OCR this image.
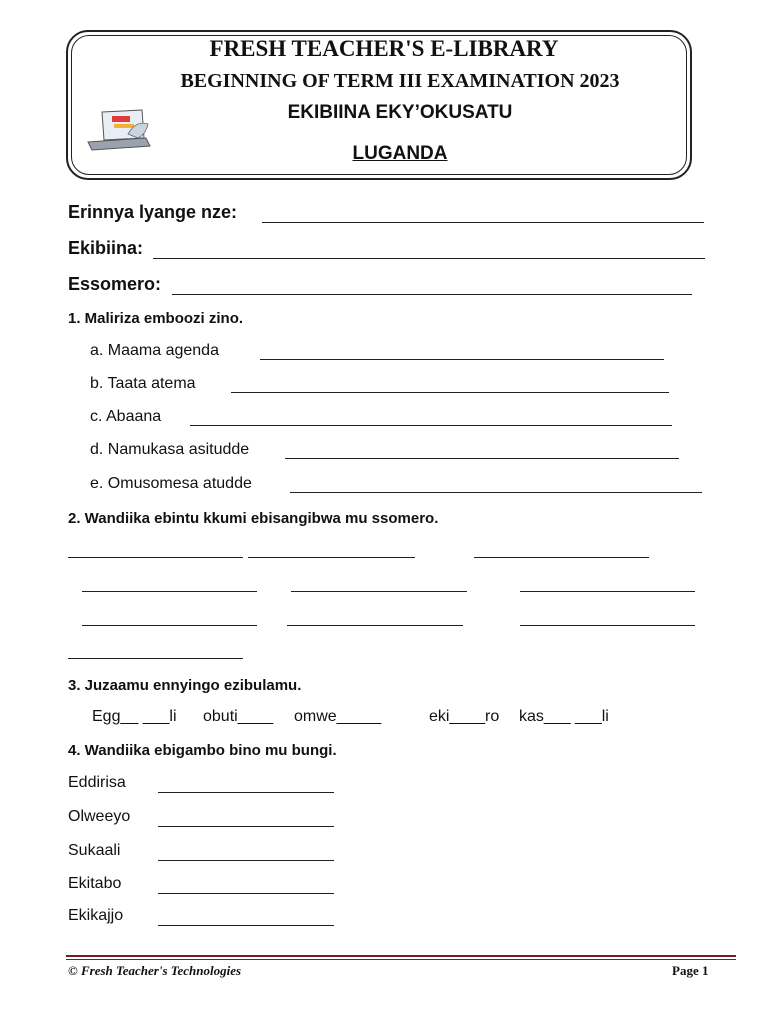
FRESH TEACHER'S E-LIBRARY
BEGINNING OF TERM III EXAMINATION 2023
EKIBIINA EKY’OKUSATU
LUGANDA
Erinnya lyange nze:
Ekibiina:
Essomero:
1. Maliriza emboozi zino.
a. Maama agenda
b. Taata atema
c. Abaana
d. Namukasa asitudde
e. Omusomesa atudde
2. Wandiika ebintu kkumi ebisangibwa mu ssomero.
3. Juzaamu ennyingo ezibulamu.
Egg__ ___li obuti____ omwe_____	eki____ro kas___ ___li
4. Wandiika ebigambo bino mu bungi.
Eddirisa
Olweeyo
Sukaali
Ekitabo
Ekikajjo
© Fresh Teacher's Technologies	Page 1
